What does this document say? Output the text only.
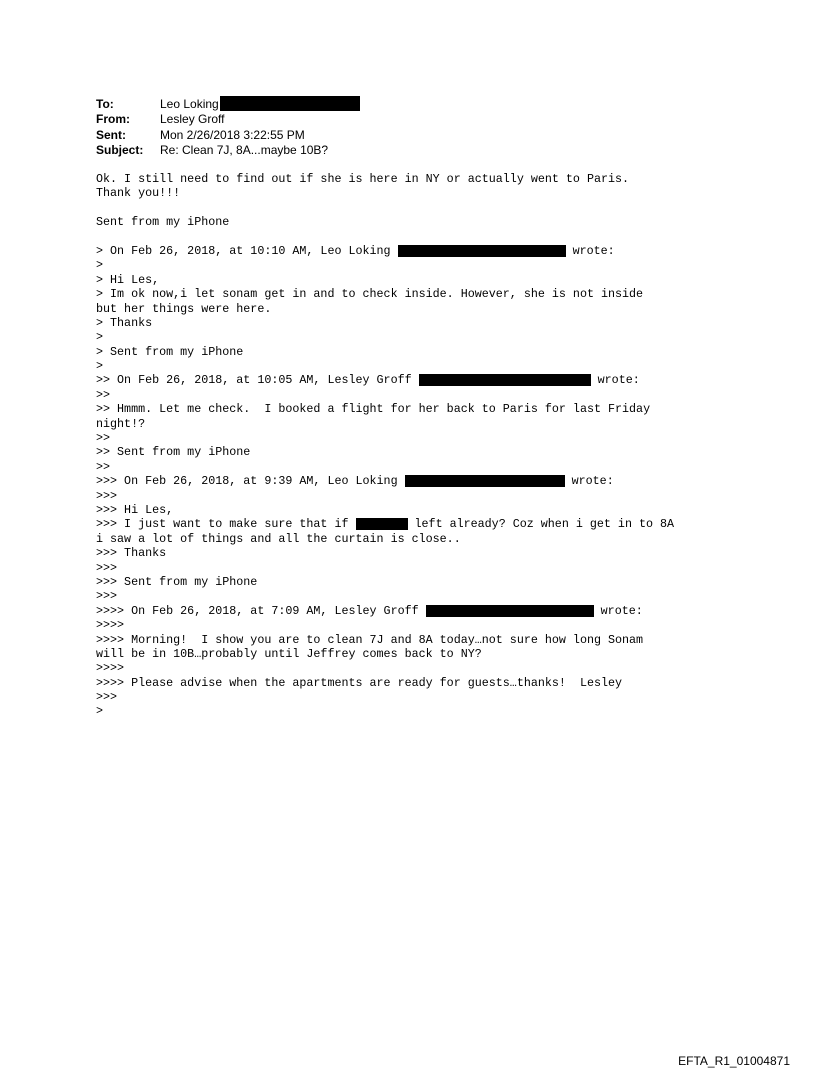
To:	Leo Loking
From:	Lesley Groff
Sent:	Mon 2/26/2018 3:22:55 PM
Subject: Re: Clean 7J, 8A...maybe 10B?
Ok. I still need to find out if she is here in NY or actually went to Paris.
Thank you!!!
Sent from my iPhone
> On Feb 26, 2018, at 10:10 AM, Leo Loking	wrote:
>
> Hi Les,
> Im ok now,i let sonam get in and to check inside. However, she is not inside
but her things were here.
> Thanks
>
> Sent from my iPhone
>
>> On Feb 26, 2018, at 10:05 AM, Lesley Groff	wrote:
>>
>> Hmmm. Let me check.  I booked a flight for her back to Paris for last Friday
night!?
>>
>> Sent from my iPhone
>>
>>> On Feb 26, 2018, at 9:39 AM, Leo Loking	wrote:
>>>
>>> Hi Les,
>>> I just want to make sure that if	left already? Coz when i get in to 8A
i saw a lot of things and all the curtain is close..
>>> Thanks
>>>
>>> Sent from my iPhone
>>>
>>>> On Feb 26, 2018, at 7:09 AM, Lesley Groff	wrote:
>>>>
>>>> Morning!  I show you are to clean 7J and 8A today…not sure how long Sonam
will be in 10B…probably until Jeffrey comes back to NY?
>>>>
>>>> Please advise when the apartments are ready for guests…thanks!  Lesley
>>>
>
EFTA_R1_01004871
